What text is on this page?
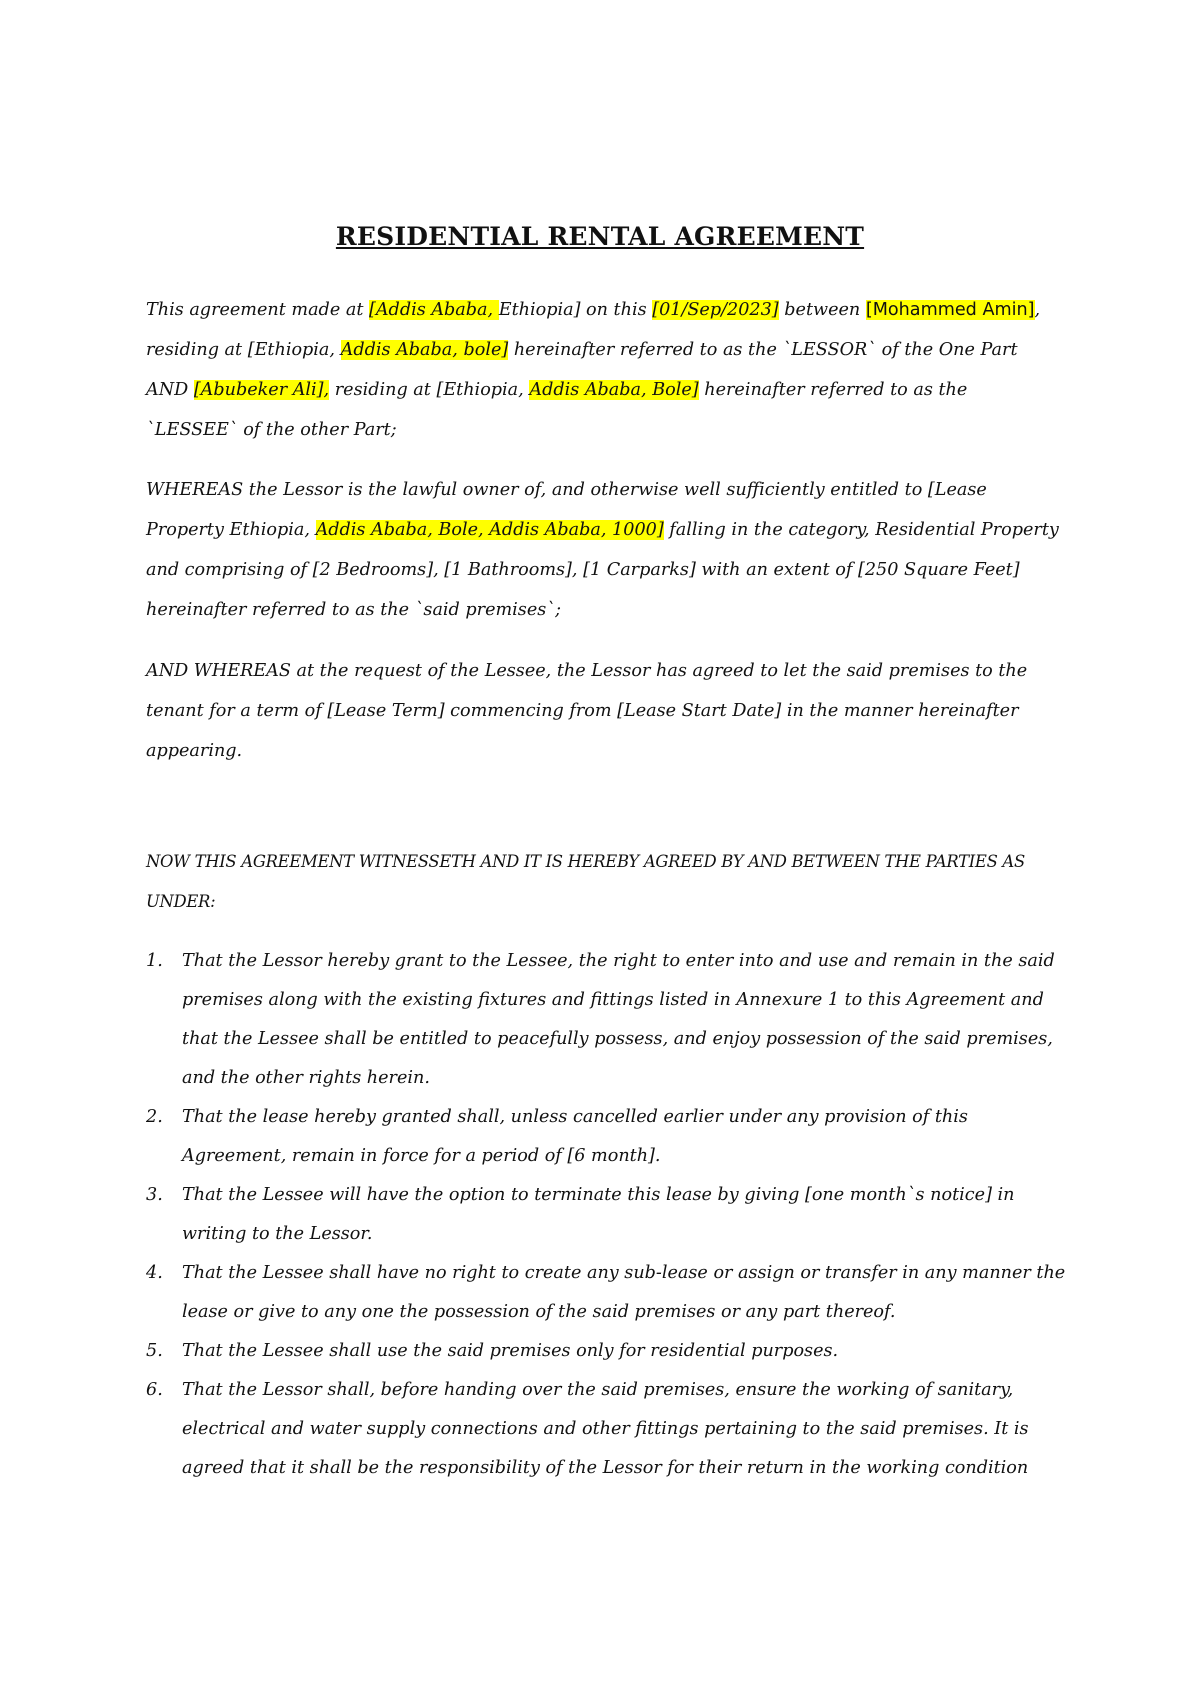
RESIDENTIAL RENTAL AGREEMENT

This agreement made at [Addis Ababa, Ethiopia] on this [01/Sep/2023] between [Mohammed Amin], residing at [Ethiopia, Addis Ababa, bole] hereinafter referred to as the `LESSOR` of the One Part AND [Abubeker Ali], residing at [Ethiopia, Addis Ababa, Bole] hereinafter referred to as the `LESSEE` of the other Part;

WHEREAS the Lessor is the lawful owner of, and otherwise well sufficiently entitled to [Lease Property Ethiopia, Addis Ababa, Bole, Addis Ababa, 1000] falling in the category, Residential Property and comprising of [2 Bedrooms], [1 Bathrooms], [1 Carparks] with an extent of [250 Square Feet] hereinafter referred to as the `said premises`;

AND WHEREAS at the request of the Lessee, the Lessor has agreed to let the said premises to the tenant for a term of [Lease Term] commencing from [Lease Start Date] in the manner hereinafter appearing.

NOW THIS AGREEMENT WITNESSETH AND IT IS HEREBY AGREED BY AND BETWEEN THE PARTIES AS UNDER:

1. That the Lessor hereby grant to the Lessee, the right to enter into and use and remain in the said premises along with the existing fixtures and fittings listed in Annexure 1 to this Agreement and that the Lessee shall be entitled to peacefully possess, and enjoy possession of the said premises, and the other rights herein.
2. That the lease hereby granted shall, unless cancelled earlier under any provision of this Agreement, remain in force for a period of [6 month].
3. That the Lessee will have the option to terminate this lease by giving [one month`s notice] in writing to the Lessor.
4. That the Lessee shall have no right to create any sub-lease or assign or transfer in any manner the lease or give to any one the possession of the said premises or any part thereof.
5. That the Lessee shall use the said premises only for residential purposes.
6. That the Lessor shall, before handing over the said premises, ensure the working of sanitary, electrical and water supply connections and other fittings pertaining to the said premises. It is agreed that it shall be the responsibility of the Lessor for their return in the working condition
